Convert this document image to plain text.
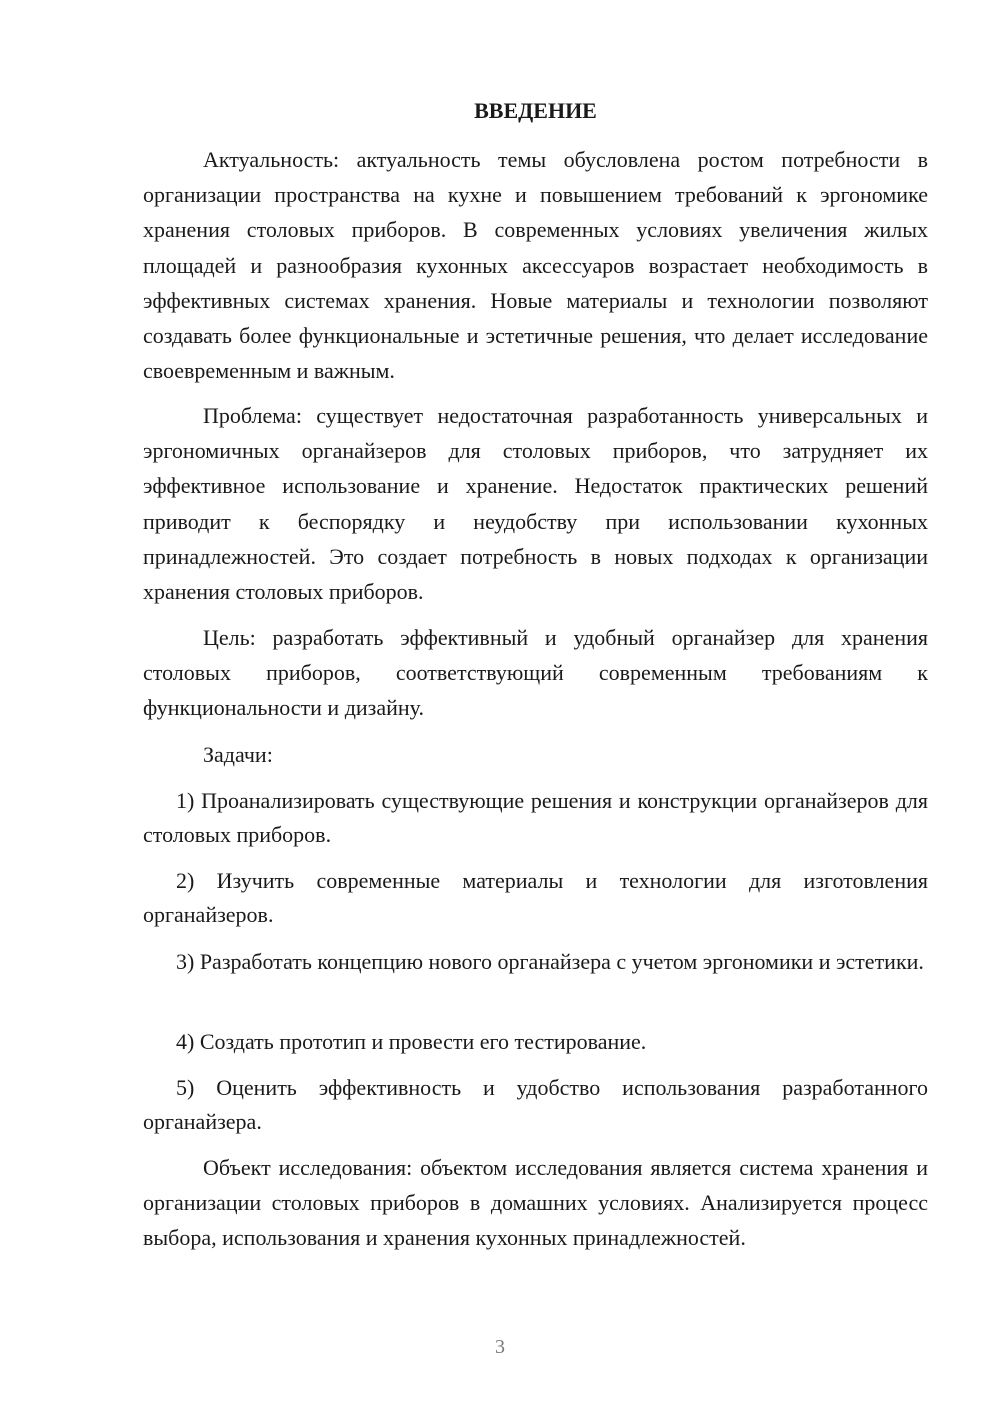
ВВЕДЕНИЕ

Актуальность: актуальность темы обусловлена ростом потребности в организации пространства на кухне и повышением требований к эргономике хранения столовых приборов. В современных условиях увеличения жилых площадей и разнообразия кухонных аксессуаров возрастает необходимость в эффективных системах хранения. Новые материалы и технологии позволяют создавать более функциональные и эстетичные решения, что делает исследование своевременным и важным.

Проблема: существует недостаточная разработанность универсальных и эргономичных органайзеров для столовых приборов, что затрудняет их эффективное использование и хранение. Недостаток практических решений приводит к беспорядку и неудобству при использовании кухонных принадлежностей. Это создает потребность в новых подходах к организации хранения столовых приборов.

Цель: разработать эффективный и удобный органайзер для хранения столовых приборов, соответствующий современным требованиям к функциональности и дизайну.

Задачи:

1) Проанализировать существующие решения и конструкции органайзеров для столовых приборов.

2) Изучить современные материалы и технологии для изготовления органайзеров.

3) Разработать концепцию нового органайзера с учетом эргономики и эстетики.

4) Создать прототип и провести его тестирование.

5) Оценить эффективность и удобство использования разработанного органайзера.

Объект исследования: объектом исследования является система хранения и организации столовых приборов в домашних условиях. Анализируется процесс выбора, использования и хранения кухонных принадлежностей.

3
